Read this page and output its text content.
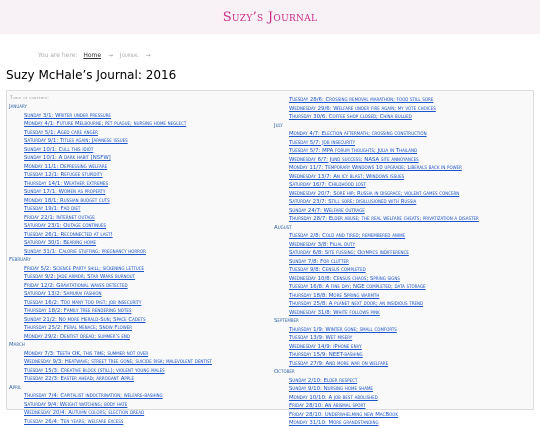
Suzy’s Journal
You are here: Home → Journal →
Suzy McHale’s Journal: 2016
Table of contents:
January
Sunday 3/1: Writer under pressure
Monday 4/1: Future Melbourne; pet plague; nursing home neglect
Tuesday 5/1: Aged care anger
Saturday 9/1: Titles again; Japanese issues
Sunday 10/1: Cull this idiot
Sunday 10/1: A dark habit [NSFW]
Monday 11/1: Depressing welfare
Tuesday 12/1: Refugee stupidity
Thursday 14/1: Weather extremes
Sunday 17/1: Women as property
Monday 18/1: Russian budget cuts
Tuesday 19/1: Fad diet
Friday 22/1: Internet outage
Saturday 23/1: Outage continues
Tuesday 26/1: Reconnected at last!
Saturday 30/1: Bearing home
Sunday 31/1: Calorie stuffing; pregnancy horror
February
Friday 5/2: Science Party shill; sickening lettuce
Tuesday 9/2: Jade armor; Star Wars burnout
Friday 12/2: Gravitational waves detected
Saturday 13/2: Samurai fashion
Tuesday 16/2: Too many too fast; job insecurity
Thursday 18/2: Family tree rendering notes
Sunday 21/2: No more Herald-Sun; Space Cadets
Thursday 25/2: Feral menace; Snow Flower
Monday 29/2: Dentist dread; summer’s end
March
Monday 7/3: Teeth OK, this time; summer not over
Wednesday 9/3: Heatwave; street tree gone; suicide risk; malevolent dentist
Tuesday 15/3: Creative block (still); violent young males
Tuesday 22/3: Easter ahead; arrogant Apple
April
Thursday 7/4: Capitalist indoctrination; welfare-bashing
Saturday 9/4: Weight watching; body hate
Wednesday 20/4: Autumn colors; election dread
Tuesday 26/4: Ten years; welfare excess
Tuesday 28/6: Crossing removal marathon; food still sore
Wednesday 29/6: Welfare under fire again; my vote choices
Thursday 30/6: Coffee shop closed; China bullied
July
Monday 4/7: Election aftermath; crossing construction
Tuesday 5/7: Job insecurity
Tuesday 5/7: MPA forum thoughts; Julia in Thailand
Wednesday 6/7: Jund success; NASA site annoyances
Monday 11/7: Temporary Windows 10 upgrade; Liberals back in power
Wednesday 13/7: An icy blast; Windows issues
Saturday 16/7: Childhood lost
Wednesday 20/7: Sore hip; Russia in disgrace; violent games concern
Saturday 23/7: Still sore; disillusioned with Russia
Sunday 24/7: Welfare outrage
Thursday 28/7: Elder abuse; the real welfare cheats; privatization a disaster
August
Tuesday 2/8: Cold and tired; remembered anime
Wednesday 3/8: Filial duty
Saturday 6/8: Site fussing; Olympics indifference
Sunday 7/8: For clutter
Tuesday 9/8: Census completed
Wednesday 10/8: Census chaos; Spring signs
Tuesday 16/8: A fine day; NGE completed; data storage
Thursday 18/8: More Spring warmth
Thursday 25/8: A planet next door; an insidious trend
Wednesday 31/8: White follows pink
September
Thursday 1/9: Winter gone; small comforts
Tuesday 13/9: Wet misery
Wednesday 14/9: iPhone envy
Thursday 15/9: NEET-bashing
Tuesday 27/9: And more war on welfare
October
Sunday 2/10: Elder respect
Sunday 9/10: Nursing home shame
Monday 10/10: A job best abolished
Friday 28/10: An abismal sport
Friday 28/10: Underwhelming new MacBook
Monday 31/10: More grandstanding
